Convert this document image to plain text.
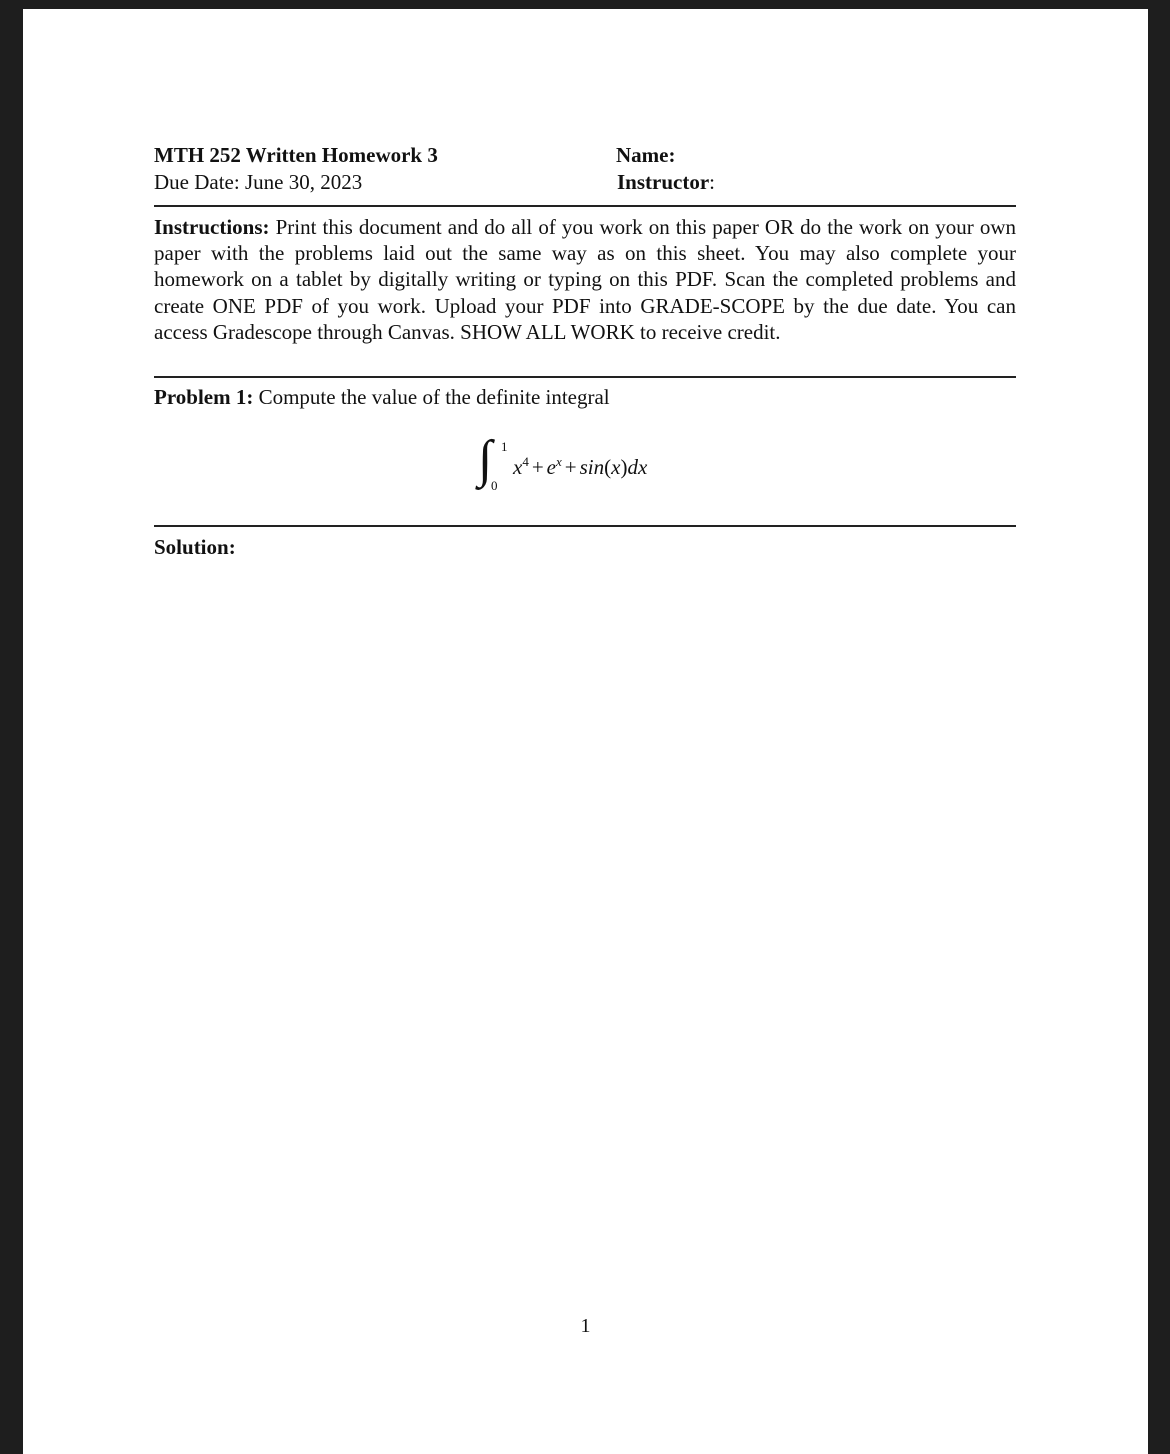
MTH 252 Written Homework 3	Name:
Due Date: June 30, 2023	Instructor:
Instructions: Print this document and do all of you work on this paper OR do the work on your own paper with the problems laid out the same way as on this sheet. You may also complete your homework on a tablet by digitally writing or typing on this PDF. Scan the completed problems and create ONE PDF of you work. Upload your PDF into GRADE-SCOPE by the due date. You can access Gradescope through Canvas. SHOW ALL WORK to receive credit.
Problem 1: Compute the value of the definite integral
∫ 1
0
$x^4 + e^x + \sin(x)dx$
Solution:
1
